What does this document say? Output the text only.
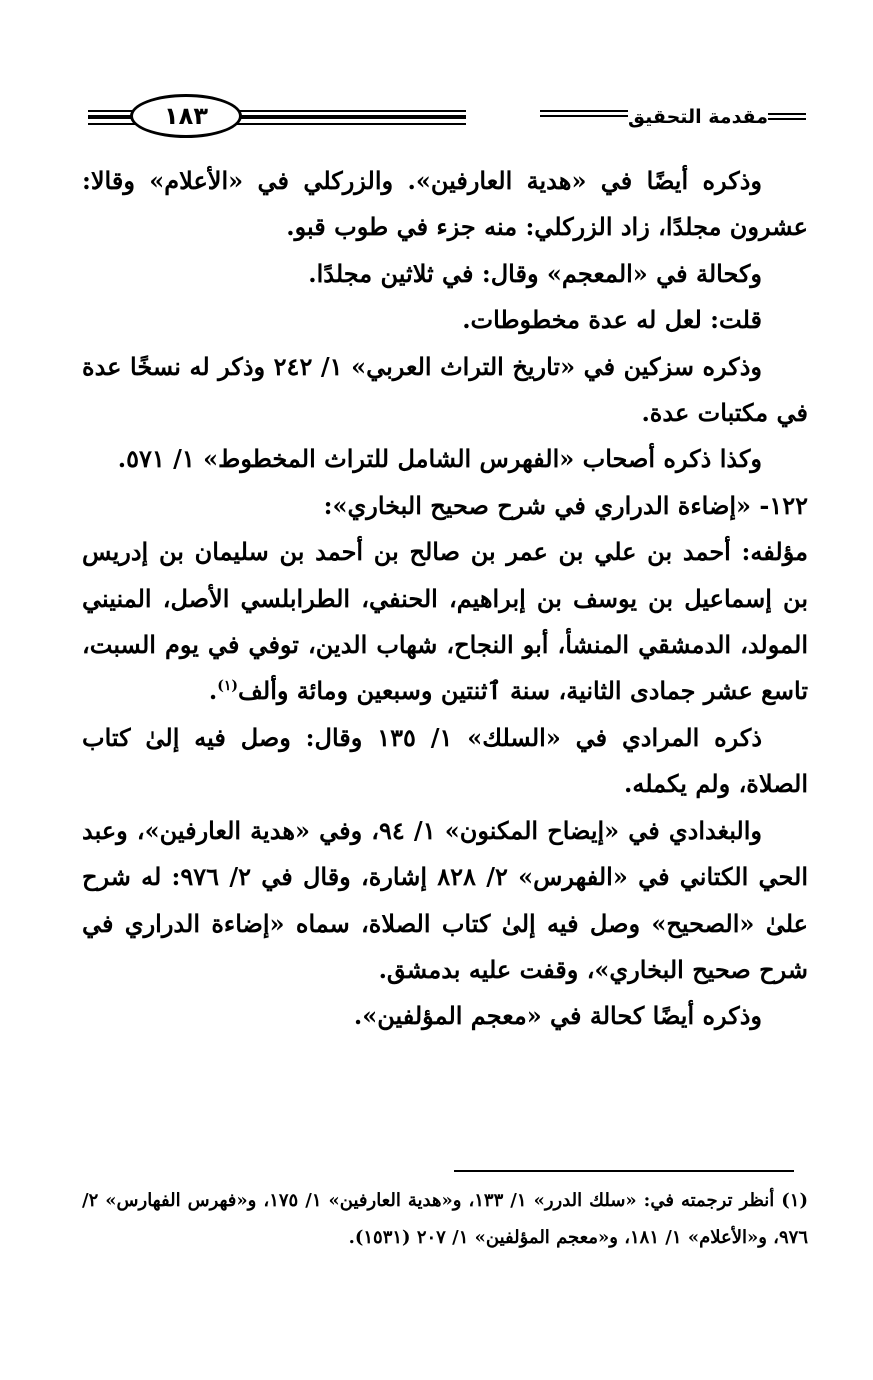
١٨٣	مقدمة التحقيق

وذكره أيضًا في «هدية العارفين». والزركلي في «الأعلام» وقالا: عشرون مجلدًا، زاد الزركلي: منه جزء في طوب قبو.

وكحالة في «المعجم» وقال: في ثلاثين مجلدًا.

قلت: لعل له عدة مخطوطات.

وذكره سزكين في «تاريخ التراث العربي» ١/ ٢٤٢ وذكر له نسخًا عدة في مكتبات عدة.

وكذا ذكره أصحاب «الفهرس الشامل للتراث المخطوط» ١/ ٥٧١.

١٢٢- «إضاءة الدراري في شرح صحيح البخاري»:

مؤلفه: أحمد بن علي بن عمر بن صالح بن أحمد بن سليمان بن إدريس بن إسماعيل بن يوسف بن إبراهيم، الحنفي، الطرابلسي الأصل، المنيني المولد، الدمشقي المنشأ، أبو النجاح، شهاب الدين، توفي في يوم السبت، تاسع عشر جمادى الثانية، سنة ٱثنتين وسبعين ومائة وألف$^{(١)}$.

ذكره المرادي في «السلك» ١/ ١٣٥ وقال: وصل فيه إلىٰ كتاب الصلاة، ولم يكمله.

والبغدادي في «إيضاح المكنون» ١/ ٩٤، وفي «هدية العارفين»، وعبد الحي الكتاني في «الفهرس» ٢/ ٨٢٨ إشارة، وقال في ٢/ ٩٧٦: له شرح علىٰ «الصحيح» وصل فيه إلىٰ كتاب الصلاة، سماه «إضاءة الدراري في شرح صحيح البخاري»، وقفت عليه بدمشق.

وذكره أيضًا كحالة في «معجم المؤلفين».

(١) أنظر ترجمته في: «سلك الدرر» ١/ ١٣٣، و«هدية العارفين» ١/ ١٧٥، و«فهرس الفهارس» ٢/ ٩٧٦، و«الأعلام» ١/ ١٨١، و«معجم المؤلفين» ١/ ٢٠٧ (١٥٣١).
